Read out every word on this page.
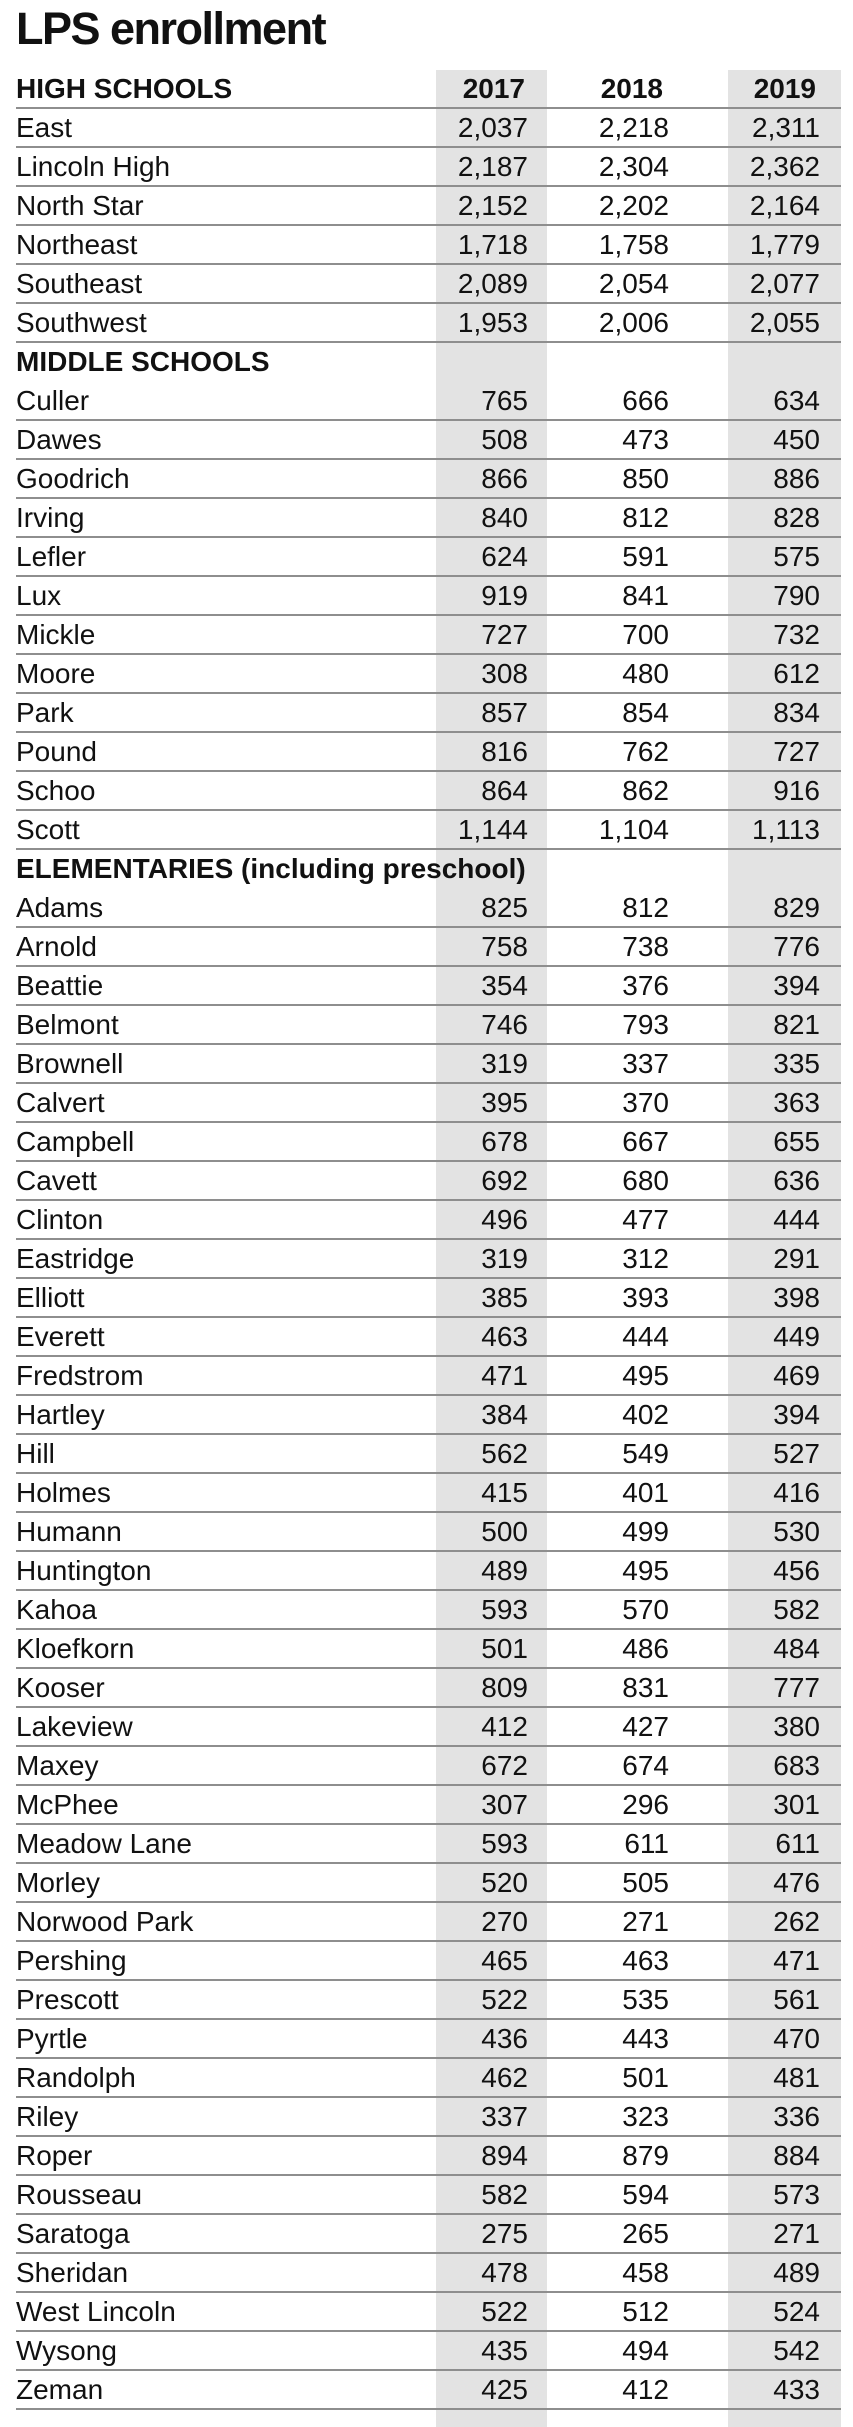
LPS enrollment
HIGH SCHOOLS	2017	2018	2019
East	2,037	2,218	2,311
Lincoln High	2,187	2,304	2,362
North Star	2,152	2,202	2,164
Northeast	1,718	1,758	1,779
Southeast	2,089	2,054	2,077
Southwest	1,953	2,006	2,055
MIDDLE SCHOOLS
Culler	765	666	634
Dawes	508	473	450
Goodrich	866	850	886
Irving	840	812	828
Lefler	624	591	575
Lux	919	841	790
Mickle	727	700	732
Moore	308	480	612
Park	857	854	834
Pound	816	762	727
Schoo	864	862	916
Scott	1,144	1,104	1,113
ELEMENTARIES (including preschool)
Adams	825	812	829
Arnold	758	738	776
Beattie	354	376	394
Belmont	746	793	821
Brownell	319	337	335
Calvert	395	370	363
Campbell	678	667	655
Cavett	692	680	636
Clinton	496	477	444
Eastridge	319	312	291
Elliott	385	393	398
Everett	463	444	449
Fredstrom	471	495	469
Hartley	384	402	394
Hill	562	549	527
Holmes	415	401	416
Humann	500	499	530
Huntington	489	495	456
Kahoa	593	570	582
Kloefkorn	501	486	484
Kooser	809	831	777
Lakeview	412	427	380
Maxey	672	674	683
McPhee	307	296	301
Meadow Lane	593	611	611
Morley	520	505	476
Norwood Park	270	271	262
Pershing	465	463	471
Prescott	522	535	561
Pyrtle	436	443	470
Randolph	462	501	481
Riley	337	323	336
Roper	894	879	884
Rousseau	582	594	573
Saratoga	275	265	271
Sheridan	478	458	489
West Lincoln	522	512	524
Wysong	435	494	542
Zeman	425	412	433
